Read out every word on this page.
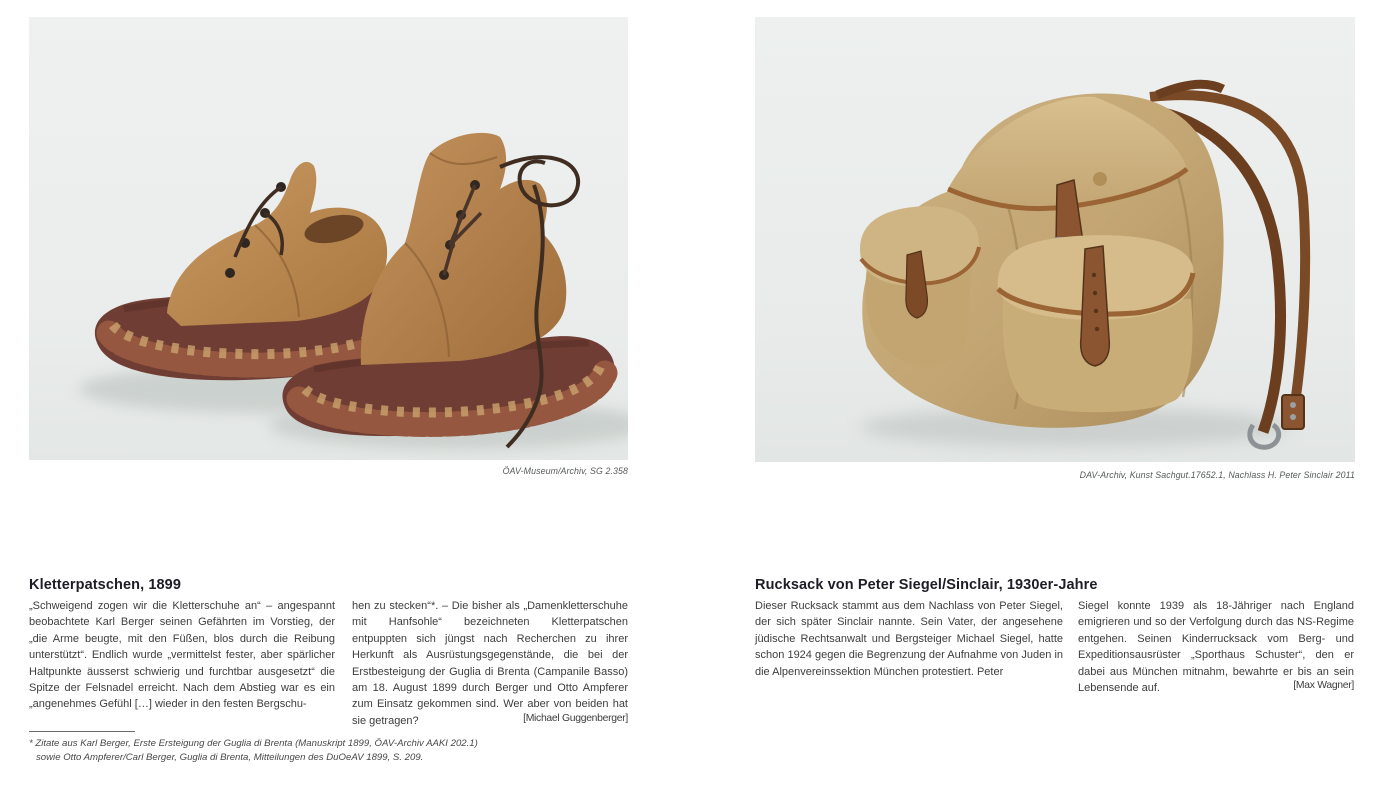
ÖAV-Museum/Archiv, SG 2.358
Kletterpatschen, 1899
„Schweigend zogen wir die Kletterschuhe an“ – angespannt beobachtete Karl Berger seinen Gefährten im Vorstieg, der „die Arme beugte, mit den Füßen, blos durch die Reibung unterstützt“. Endlich wurde „vermittelst fester, aber spärlicher Haltpunkte äusserst schwierig und furchtbar ausgesetzt“ die Spitze der Felsnadel erreicht. Nach dem Abstieg war es ein „angenehmes Gefühl […] wieder in den festen Bergschu-
hen zu stecken“*. – Die bisher als „Damenkletterschuhe mit Hanfsohle“ bezeichneten Kletterpatschen entpuppten sich jüngst nach Recherchen zu ihrer Herkunft als Ausrüstungsgegenstände, die bei der Erstbesteigung der Guglia di Brenta (Campanile Basso) am 18. August 1899 durch Berger und Otto Ampferer zum Einsatz gekommen sind. Wer aber von beiden hat sie getragen?	[Michael Guggenberger]
* Zitate aus Karl Berger, Erste Ersteigung der Guglia di Brenta (Manuskript 1899, ÖAV-Archiv AAKI 202.1)
sowie Otto Ampferer/Carl Berger, Guglia di Brenta, Mitteilungen des DuOeAV 1899, S. 209.
DAV-Archiv, Kunst Sachgut.17652.1, Nachlass H. Peter Sinclair 2011
Rucksack von Peter Siegel/Sinclair, 1930er-Jahre
Dieser Rucksack stammt aus dem Nachlass von Peter Siegel, der sich später Sinclair nannte. Sein Vater, der angesehene jüdische Rechtsanwalt und Bergsteiger Michael Siegel, hatte schon 1924 gegen die Begrenzung der Aufnahme von Juden in die Alpenvereinssektion München protestiert. Peter
Siegel konnte 1939 als 18-Jähriger nach England emigrieren und so der Verfolgung durch das NS-Regime entgehen. Seinen Kinderrucksack vom Berg- und Expeditionsausrüster „Sporthaus Schuster“, den er dabei aus München mitnahm, bewahrte er bis an sein Lebensende auf.	[Max Wagner]
